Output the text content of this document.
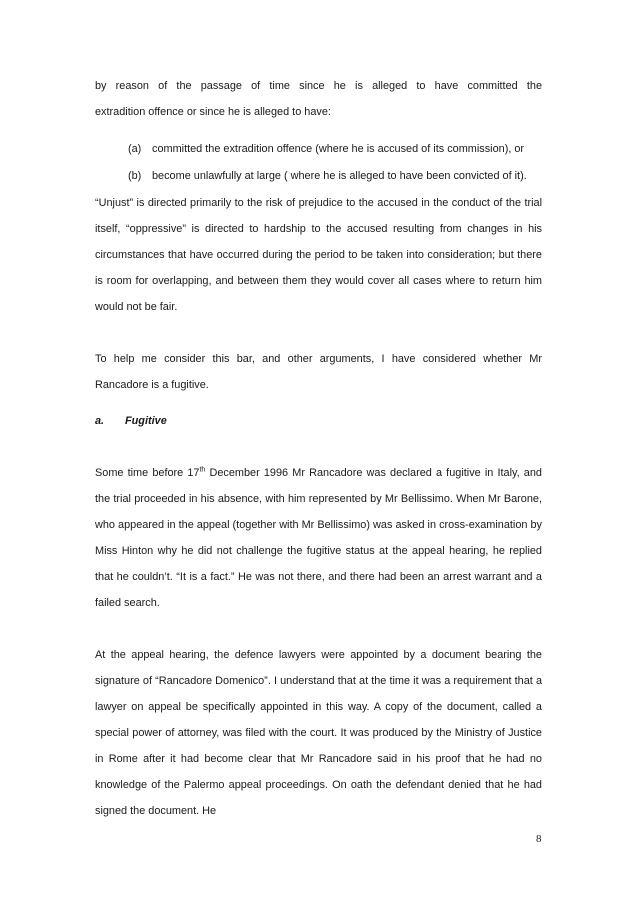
by reason of the passage of time since he is alleged to have committed the

extradition offence or since he is alleged to have:

(a) committed the extradition offence (where he is accused of its commission), or
(b) become unlawfully at large ( where he is alleged to have been convicted of it).

“Unjust” is directed primarily to the risk of prejudice to the accused in the conduct of the trial itself, “oppressive” is directed to hardship to the accused resulting from changes in his circumstances that have occurred during the period to be taken into consideration; but there is room for overlapping, and between them they would cover all cases where to return him would not be fair.

To help me consider this bar, and other arguments, I have considered whether Mr Rancadore is a fugitive.

a.	Fugitive

Some time before 17th December 1996 Mr Rancadore was declared a fugitive in Italy, and the trial proceeded in his absence, with him represented by Mr Bellissimo. When Mr Barone, who appeared in the appeal (together with Mr Bellissimo) was asked in cross-examination by Miss Hinton why he did not challenge the fugitive status at the appeal hearing, he replied that he couldn’t. “It is a fact.” He was not there, and there had been an arrest warrant and a failed search.

At the appeal hearing, the defence lawyers were appointed by a document bearing the signature of “Rancadore Domenico”. I understand that at the time it was a requirement that a lawyer on appeal be specifically appointed in this way. A copy of the document, called a special power of attorney, was filed with the court. It was produced by the Ministry of Justice in Rome after it had become clear that Mr Rancadore said in his proof that he had no knowledge of the Palermo appeal proceedings. On oath the defendant denied that he had signed the document. He

8
